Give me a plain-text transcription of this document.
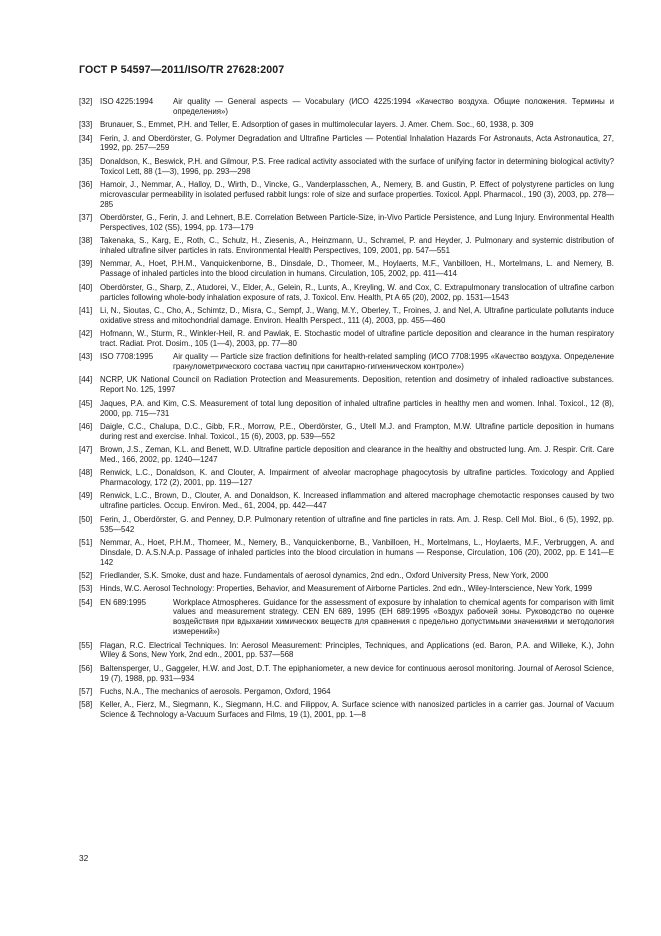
ГОСТ Р 54597—2011/ISO/TR 27628:2007
[32] ISO 4225:1994	Air quality — General aspects — Vocabulary (ИСО 4225:1994 «Качество воздуха. Общие положения. Термины и определения»)
[33] Brunauer, S., Emmet, P.H. and Teller, E. Adsorption of gases in multimolecular layers. J. Amer. Chem. Soc., 60, 1938, p. 309
[34] Ferin, J. and Oberdörster, G. Polymer Degradation and Ultrafine Particles — Potential Inhalation Hazards For Astronauts, Acta Astronautica, 27, 1992, pp. 257—259
[35] Donaldson, K., Beswick, P.H. and Gilmour, P.S. Free radical activity associated with the surface of unifying factor in determining biological activity? Toxicol Lett, 88 (1—3), 1996, pp. 293—298
[36] Hamoir, J., Nemmar, A., Halloy, D., Wirth, D., Vincke, G., Vanderplasschen, A., Nemery, B. and Gustin, P. Effect of polystyrene particles on lung microvascular permeability in isolated perfused rabbit lungs: role of size and surface properties. Toxicol. Appl. Pharmacol., 190 (3), 2003, pp. 278—285
[37] Oberdörster, G., Ferin, J. and Lehnert, B.E. Correlation Between Particle-Size, in-Vivo Particle Persistence, and Lung Injury. Environmental Health Perspectives, 102 (S5), 1994, pp. 173—179
[38] Takenaka, S., Karg, E., Roth, C., Schulz, H., Ziesenis, A., Heinzmann, U., Schramel, P. and Heyder, J. Pulmonary and systemic distribution of inhaled ultrafine silver particles in rats. Environmental Health Perspectives, 109, 2001, pp. 547—551
[39] Nemmar, A., Hoet, P.H.M., Vanquickenborne, B., Dinsdale, D., Thomeer, M., Hoylaerts, M.F., Vanbilloen, H., Mortelmans, L. and Nemery, B. Passage of inhaled particles into the blood circulation in humans. Circulation, 105, 2002, pp. 411—414
[40] Oberdörster, G., Sharp, Z., Atudorei, V., Elder, A., Gelein, R., Lunts, A., Kreyling, W. and Cox, C. Extrapulmonary translocation of ultrafine carbon particles following whole-body inhalation exposure of rats, J. Toxicol. Env. Health, Pt A 65 (20), 2002, pp. 1531—1543
[41] Li, N., Sioutas, C., Cho, A., Schimtz, D., Misra, C., Sempf, J., Wang, M.Y., Oberley, T., Froines, J. and Nel, A. Ultrafine particulate pollutants induce oxidative stress and mitochondrial damage. Environ. Health Perspect., 111 (4), 2003, pp. 455—460
[42] Hofmann, W., Sturm, R., Winkler-Heil, R. and Pawlak, E. Stochastic model of ultrafine particle deposition and clearance in the human respiratory tract. Radiat. Prot. Dosim., 105 (1—4), 2003, pp. 77—80
[43] ISO 7708:1995	Air quality — Particle size fraction definitions for health-related sampling (ИСО 7708:1995 «Качество воздуха. Определение гранулометрического состава частиц при санитарно-гигиеническом контроле»)
[44] NCRP, UK National Council on Radiation Protection and Measurements. Deposition, retention and dosimetry of inhaled radioactive substances. Report No. 125, 1997
[45] Jaques, P.A. and Kim, C.S. Measurement of total lung deposition of inhaled ultrafine particles in healthy men and women. Inhal. Toxicol., 12 (8), 2000, pp. 715—731
[46] Daigle, C.C., Chalupa, D.C., Gibb, F.R., Morrow, P.E., Oberdörster, G., Utell M.J. and Frampton, M.W. Ultrafine particle deposition in humans during rest and exercise. Inhal. Toxicol., 15 (6), 2003, pp. 539—552
[47] Brown, J.S., Zeman, K.L. and Benett, W.D. Ultrafine particle deposition and clearance in the healthy and obstructed lung. Am. J. Respir. Crit. Care Med., 166, 2002, pp. 1240—1247
[48] Renwick, L.C., Donaldson, K. and Clouter, A. Impairment of alveolar macrophage phagocytosis by ultrafine particles. Toxicology and Applied Pharmacology, 172 (2), 2001, pp. 119—127
[49] Renwick, L.C., Brown, D., Clouter, A. and Donaldson, K. Increased inflammation and altered macrophage chemotactic responses caused by two ultrafine particles. Occup. Environ. Med., 61, 2004, pp. 442—447
[50] Ferin, J., Oberdörster, G. and Penney, D.P. Pulmonary retention of ultrafine and fine particles in rats. Am. J. Resp. Cell Mol. Biol., 6 (5), 1992, pp. 535—542
[51] Nemmar, A., Hoet, P.H.M., Thomeer, M., Nemery, B., Vanquickenborne, B., Vanbilloen, H., Mortelmans, L., Hoylaerts, M.F., Verbruggen, A. and Dinsdale, D. A.S.N.A.p. Passage of inhaled particles into the blood circulation in humans — Response, Circulation, 106 (20), 2002, pp. E 141—E 142
[52] Friedlander, S.K. Smoke, dust and haze. Fundamentals of aerosol dynamics, 2nd edn., Oxford University Press, New York, 2000
[53] Hinds, W.C. Aerosol Technology: Properties, Behavior, and Measurement of Airborne Particles. 2nd edn., Wiley-Interscience, New York, 1999
[54] EN 689:1995	Workplace Atmospheres. Guidance for the assessment of exposure by inhalation to chemical agents for comparison with limit values and measurement strategy. CEN EN 689, 1995 (ЕН 689:1995 «Воздух рабочей зоны. Руководство по оценке воздействия при вдыхании химических веществ для сравнения с предельно допустимыми значениями и методология измерений»)
[55] Flagan, R.C. Electrical Techniques. In: Aerosol Measurement: Principles, Techniques, and Applications (ed. Baron, P.A. and Willeke, K.), John Wiley & Sons, New York, 2nd edn., 2001, pp. 537—568
[56] Baltensperger, U., Gaggeler, H.W. and Jost, D.T. The epiphaniometer, a new device for continuous aerosol monitoring. Journal of Aerosol Science, 19 (7), 1988, pp. 931—934
[57] Fuchs, N.A., The mechanics of aerosols. Pergamon, Oxford, 1964
[58] Keller, A., Fierz, M., Siegmann, K., Siegmann, H.C. and Filippov, A. Surface science with nanosized particles in a carrier gas. Journal of Vacuum Science & Technology a-Vacuum Surfaces and Films, 19 (1), 2001, pp. 1—8
32
